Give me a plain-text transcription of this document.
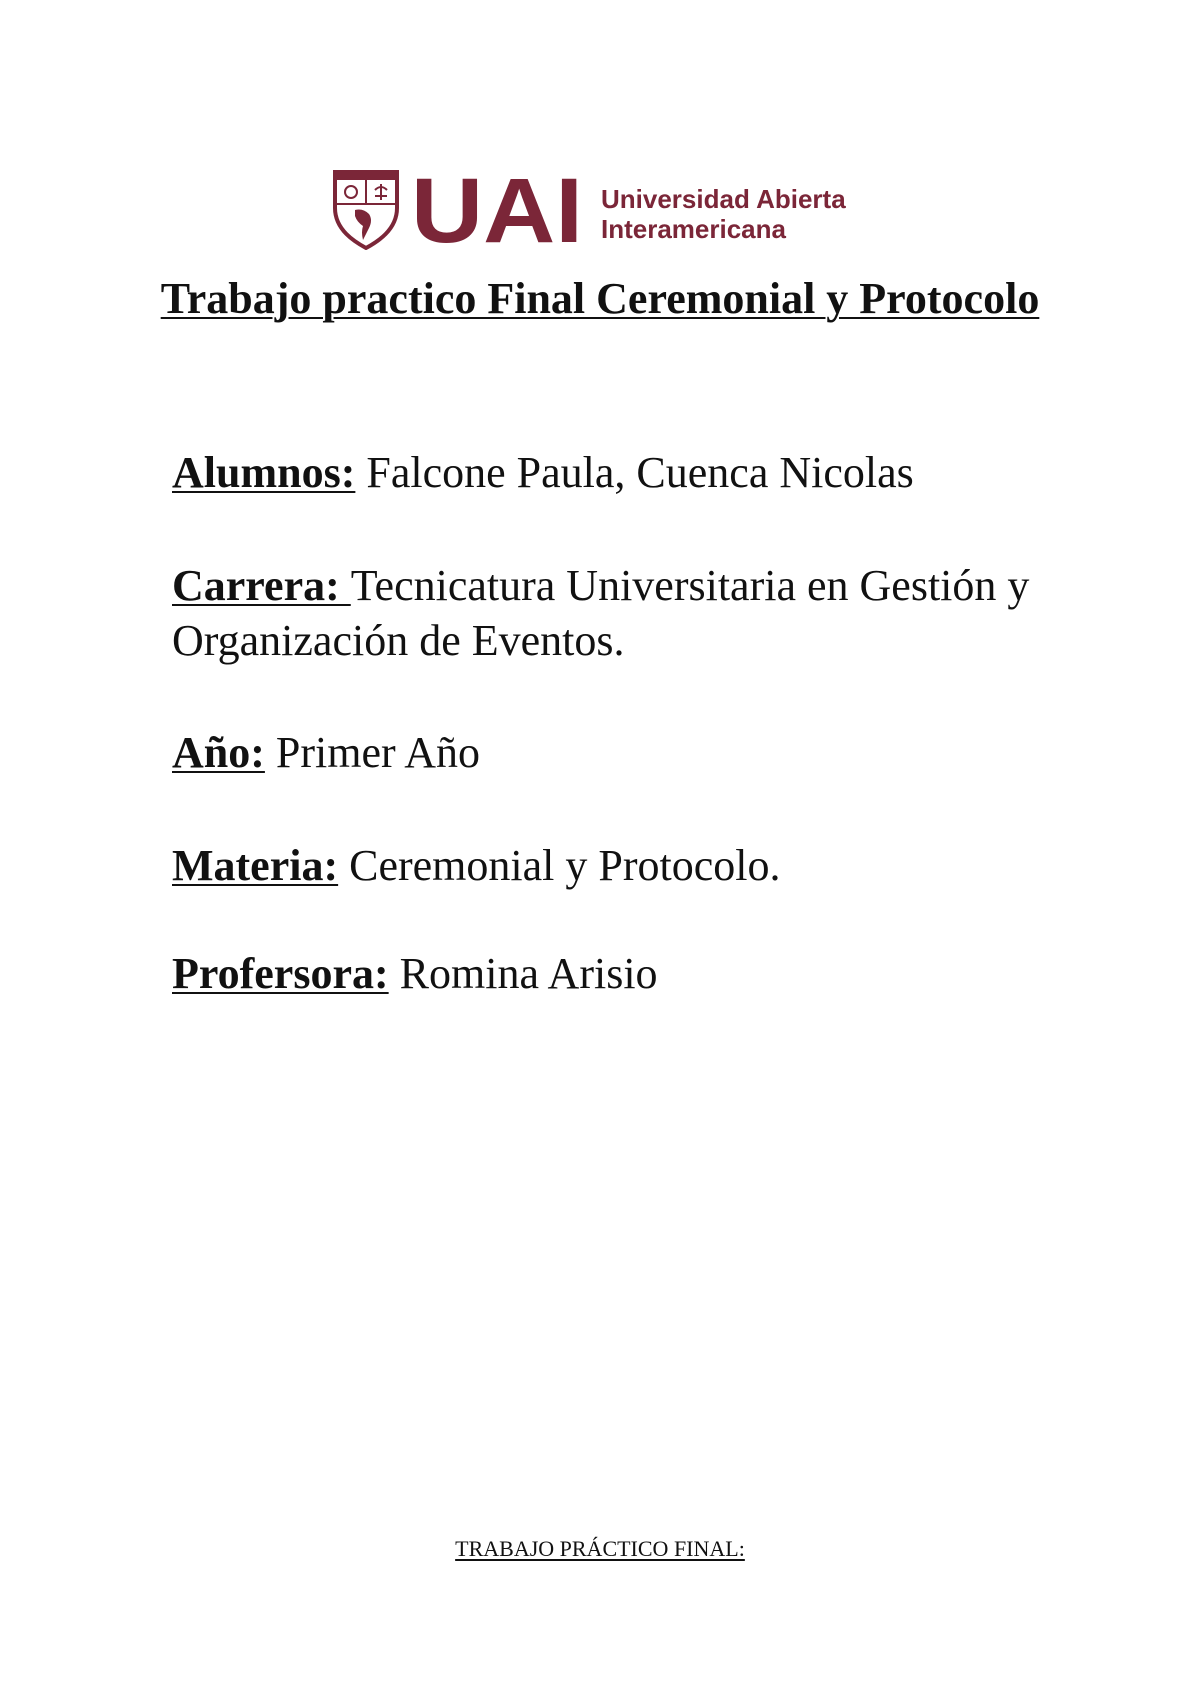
UAI Universidad Abierta
Interamericana
Trabajo practico Final Ceremonial y Protocolo

Alumnos: Falcone Paula, Cuenca Nicolas

Carrera: Tecnicatura Universitaria en Gestión y Organización de Eventos.

Año: Primer Año

Materia: Ceremonial y Protocolo.

Profersora: Romina Arisio

TRABAJO PRÁCTICO FINAL:
